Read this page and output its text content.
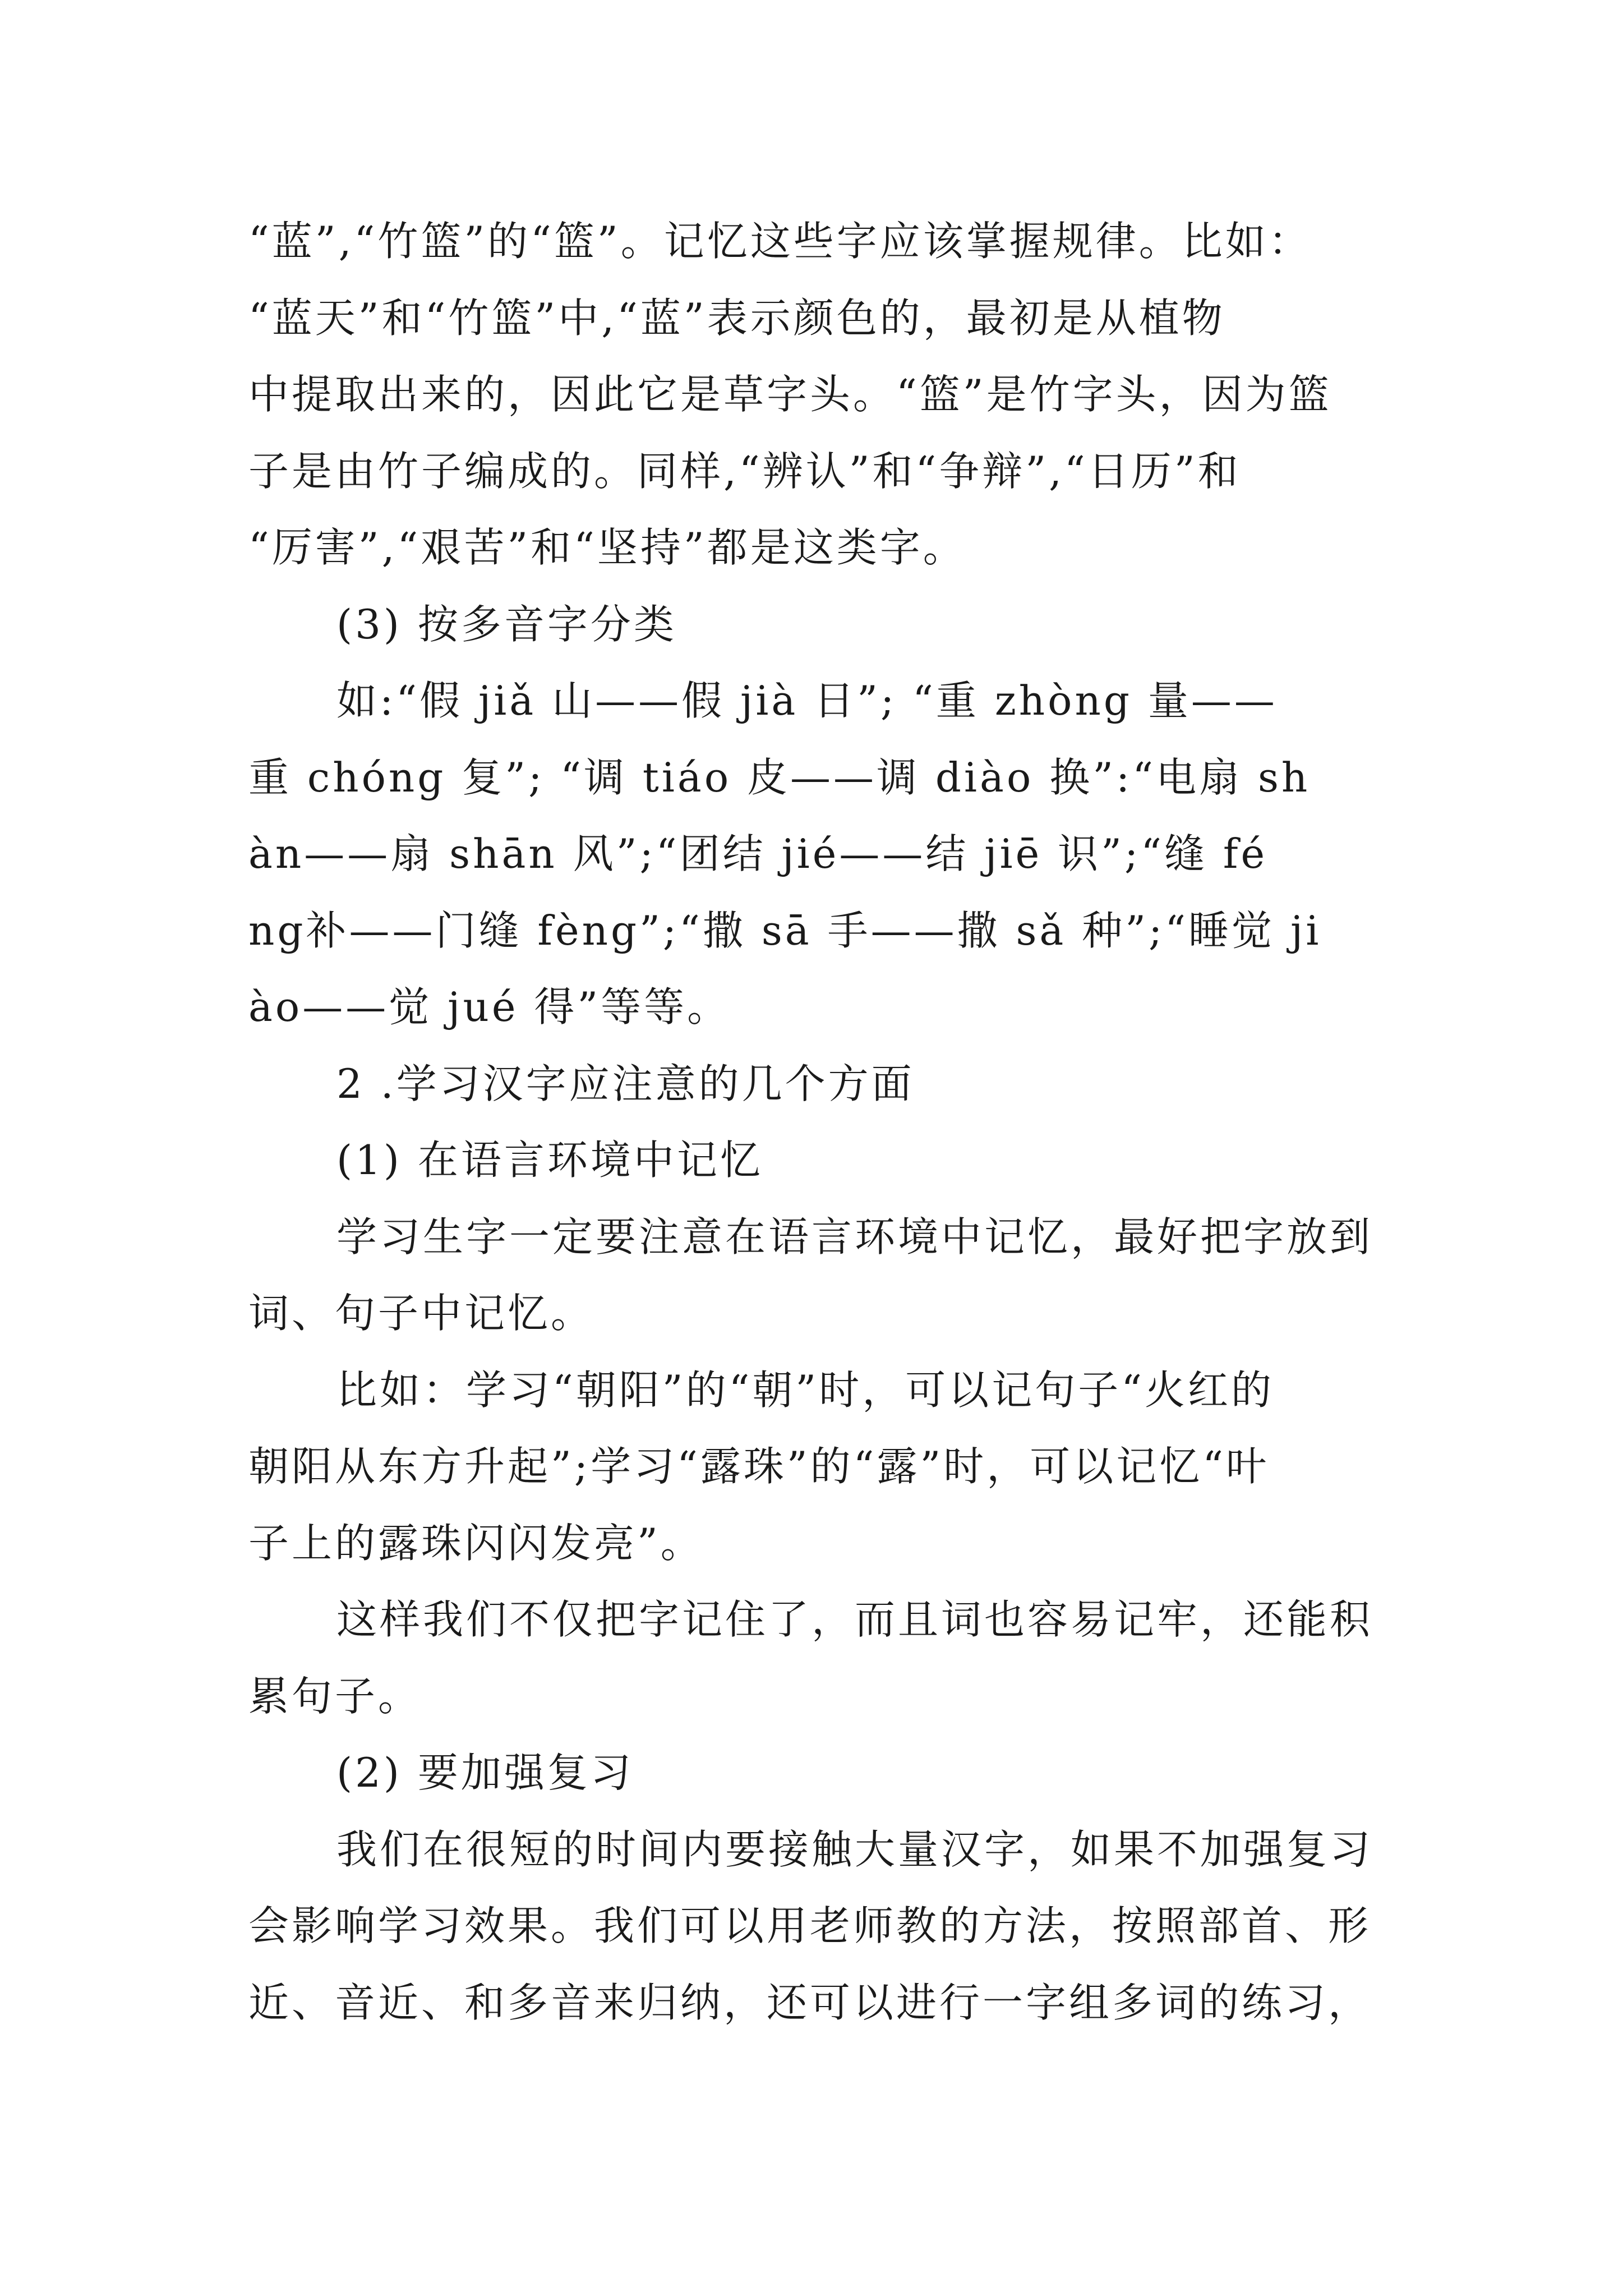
“蓝”,“竹篮”的“篮”。记忆这些字应该掌握规律。比如：
“蓝天”和“竹篮”中,“蓝”表示颜色的，最初是从植物
中提取出来的，因此它是草字头。“篮”是竹字头，因为篮
子是由竹子编成的。同样,“辨认”和“争辩”,“日历”和
“厉害”,“艰苦”和“坚持”都是这类字。
(3) 按多音字分类
如:“假 jiǎ 山——假 jià 日”; “重 zhòng 量——
重 chóng 复”; “调 tiáo 皮——调 diào 换”:“电扇 sh
àn——扇 shān 风”;“团结 jié——结 jiē 识”;“缝 fé
ng补——门缝 fèng”;“撒 sā 手——撒 sǎ 种”;“睡觉 ji
ào——觉 jué 得”等等。
2 .学习汉字应注意的几个方面
(1) 在语言环境中记忆
学习生字一定要注意在语言环境中记忆，最好把字放到
词、句子中记忆。
比如：学习“朝阳”的“朝”时，可以记句子“火红的
朝阳从东方升起”;学习“露珠”的“露”时，可以记忆“叶
子上的露珠闪闪发亮”。
这样我们不仅把字记住了，而且词也容易记牢，还能积
累句子。
(2) 要加强复习
我们在很短的时间内要接触大量汉字，如果不加强复习
会影响学习效果。我们可以用老师教的方法，按照部首、形
近、音近、和多音来归纳，还可以进行一字组多词的练习，
